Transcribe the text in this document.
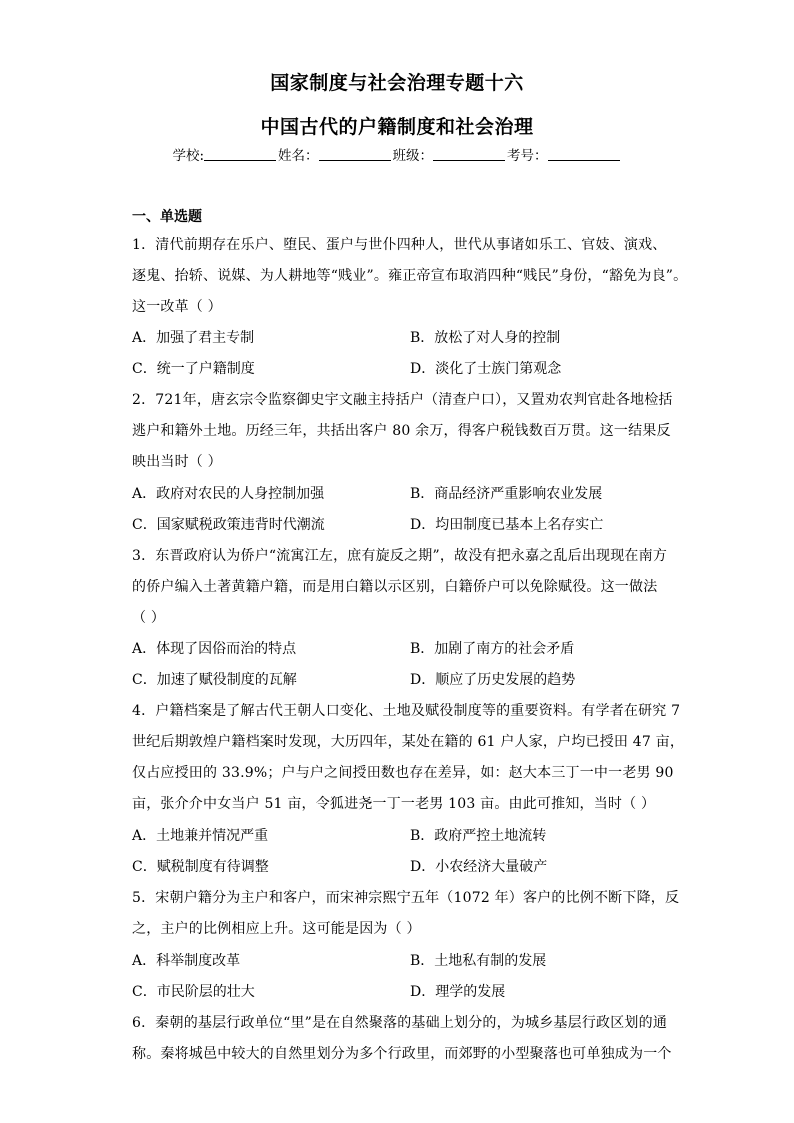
国家制度与社会治理专题十六
中国古代的户籍制度和社会治理
学校:	姓名：	班级：	考号：
一、单选题
1．清代前期存在乐户、堕民、蛋户与世仆四种人，世代从事诸如乐工、官妓、演戏、
逐鬼、抬轿、说媒、为人耕地等“贱业”。雍正帝宣布取消四种“贱民”身份，“豁免为良”。
这一改革（ ）
A．加强了君主专制	B．放松了对人身的控制
C．统一了户籍制度	D．淡化了士族门第观念
2．721年，唐玄宗令监察御史宇文融主持括户（清查户口），又置劝农判官赴各地检括
逃户和籍外土地。历经三年，共括出客户 80 余万，得客户税钱数百万贯。这一结果反
映出当时（ ）
A．政府对农民的人身控制加强	B．商品经济严重影响农业发展
C．国家赋税政策违背时代潮流	D．均田制度已基本上名存实亡
3．东晋政府认为侨户“流寓江左，庶有旋反之期”，故没有把永嘉之乱后出现现在南方
的侨户编入土著黄籍户籍，而是用白籍以示区别，白籍侨户可以免除赋役。这一做法
（ ）
A．体现了因俗而治的特点	B．加剧了南方的社会矛盾
C．加速了赋役制度的瓦解	D．顺应了历史发展的趋势
4．户籍档案是了解古代王朝人口变化、土地及赋役制度等的重要资料。有学者在研究 7
世纪后期敦煌户籍档案时发现，大历四年，某处在籍的 61 户人家，户均已授田 47 亩，
仅占应授田的 33.9%；户与户之间授田数也存在差异，如：赵大本三丁一中一老男 90
亩，张介介中女当户 51 亩，令狐进尧一丁一老男 103 亩。由此可推知，当时（ ）
A．土地兼并情况严重	B．政府严控土地流转
C．赋税制度有待调整	D．小农经济大量破产
5．宋朝户籍分为主户和客户，而宋神宗熙宁五年（1072 年）客户的比例不断下降，反
之，主户的比例相应上升。这可能是因为（ ）
A．科举制度改革	B．土地私有制的发展
C．市民阶层的壮大	D．理学的发展
6．秦朝的基层行政单位“里”是在自然聚落的基础上划分的，为城乡基层行政区划的通
称。秦将城邑中较大的自然里划分为多个行政里，而郊野的小型聚落也可单独成为一个
